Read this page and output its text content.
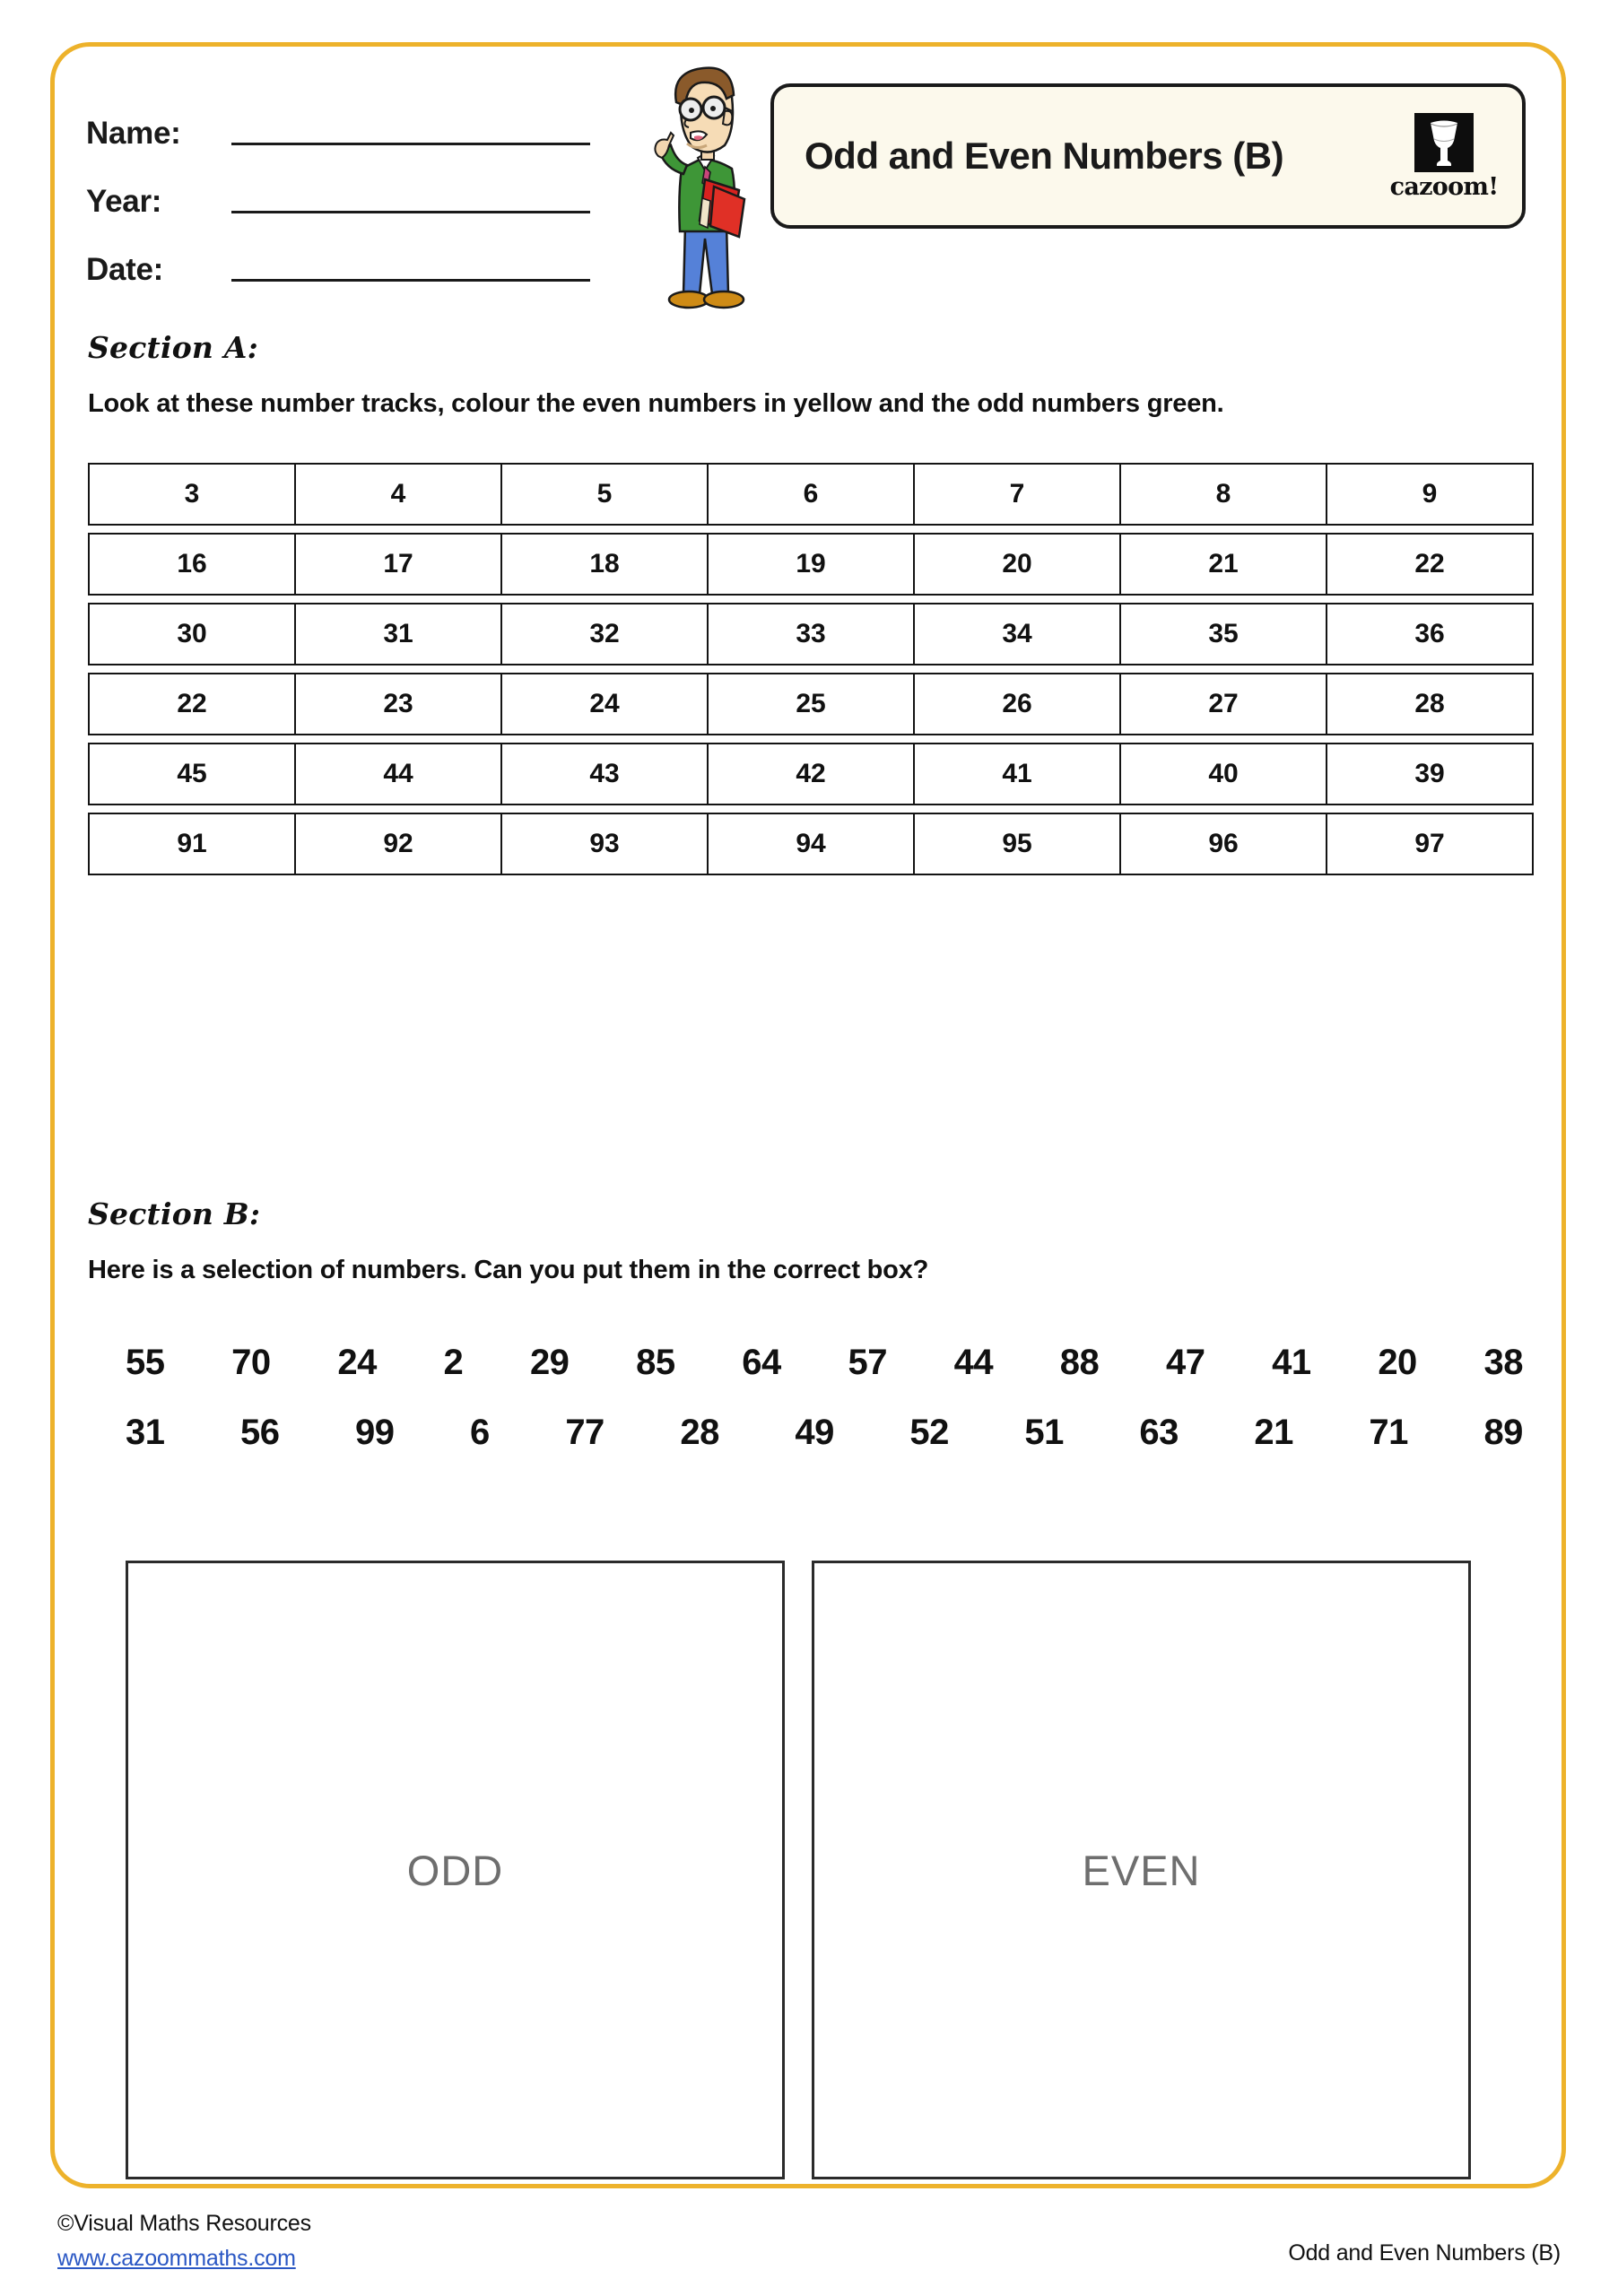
Name:
Year:
Date:
Odd and Even Numbers (B)
cazoom!
Section A:
Look at these number tracks, colour the even numbers in yellow and the odd numbers green.
3	4	5	6	7	8	9
16	17	18	19	20	21	22
30	31	32	33	34	35	36
22	23	24	25	26	27	28
45	44	43	42	41	40	39
91	92	93	94	95	96	97
Section B:
Here is a selection of numbers. Can you put them in the correct box?
55 70 24 2 29 85 64 57 44 88 47 41 20 38
31 56 99 6 77 28 49 52 51 63 21 71 89
ODD	EVEN
©Visual Maths Resources
www.cazoommaths.com	Odd and Even Numbers (B)
